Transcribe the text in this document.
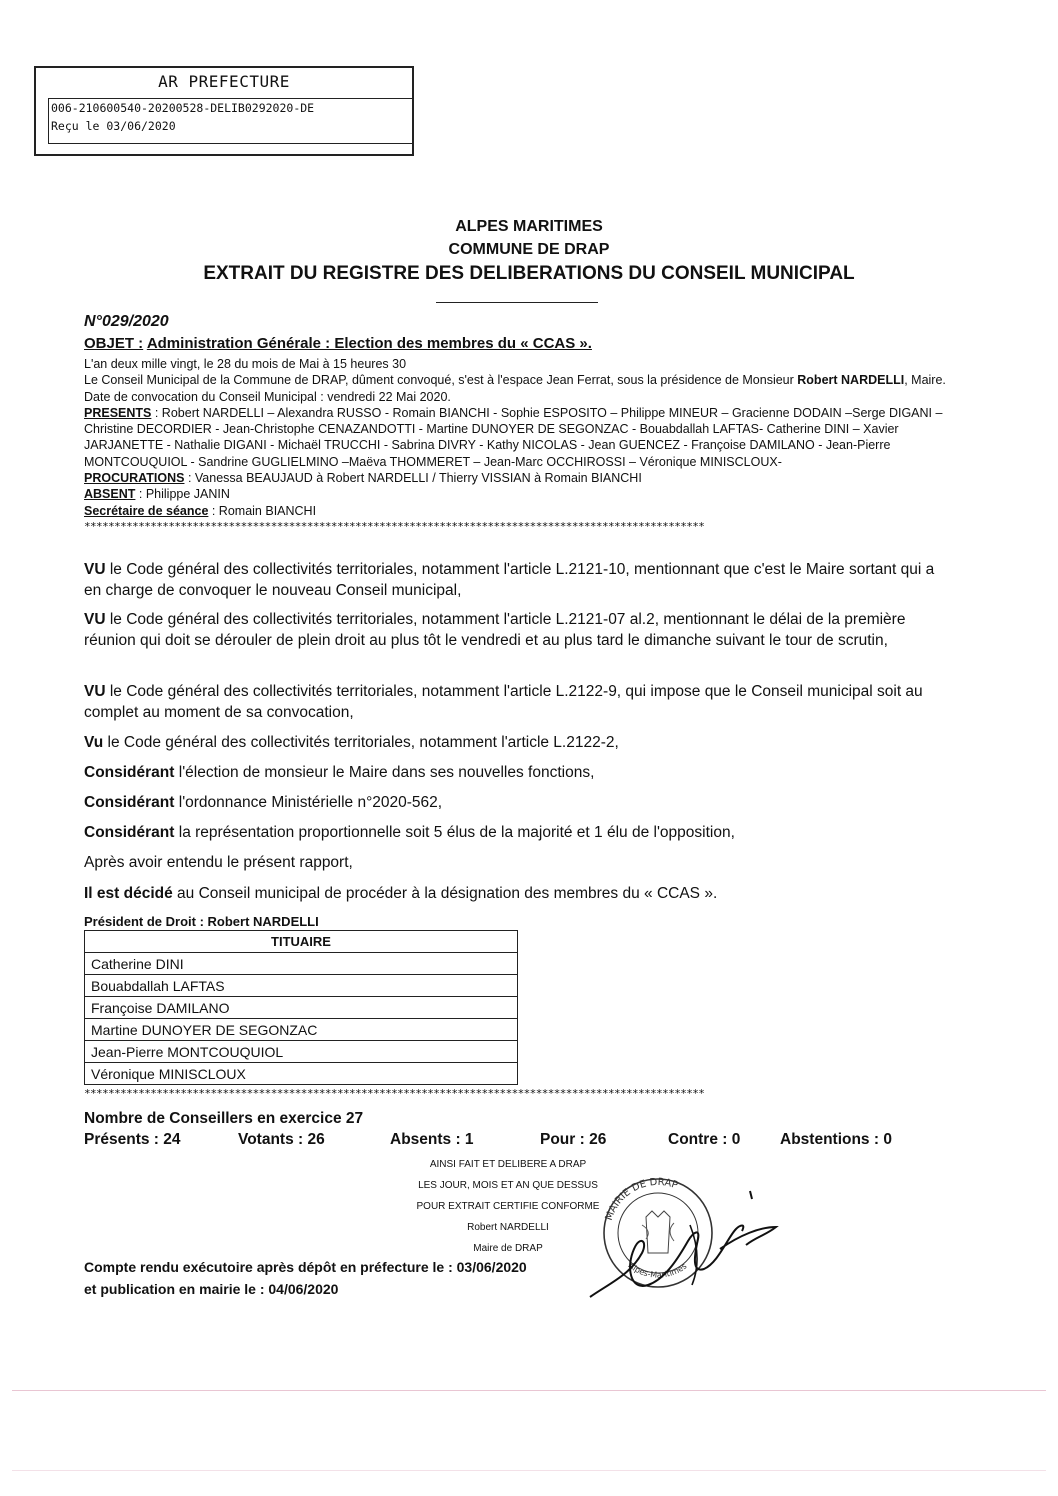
AR PREFECTURE
006-210600540-20200528-DELIB0292020-DE
Reçu le 03/06/2020
ALPES MARITIMES
COMMUNE DE DRAP
EXTRAIT DU REGISTRE DES DELIBERATIONS DU CONSEIL MUNICIPAL
N°029/2020
OBJET : Administration Générale : Election des membres du « CCAS ».

L'an deux mille vingt, le 28 du mois de Mai à 15 heures 30

Le Conseil Municipal de la Commune de DRAP, dûment convoqué, s'est à l'espace Jean Ferrat, sous la présidence de Monsieur Robert NARDELLI, Maire.

Date de convocation du Conseil Municipal : vendredi 22 Mai 2020.

PRESENTS : Robert NARDELLI – Alexandra RUSSO - Romain BIANCHI - Sophie ESPOSITO – Philippe MINEUR – Gracienne DODAIN –Serge DIGANI – Christine DECORDIER - Jean-Christophe CENAZANDOTTI - Martine DUNOYER DE SEGONZAC - Bouabdallah LAFTAS- Catherine DINI – Xavier JARJANETTE - Nathalie DIGANI - Michaël TRUCCHI - Sabrina DIVRY - Kathy NICOLAS - Jean GUENCEZ - Françoise DAMILANO - Jean-Pierre MONTCOUQUIOL - Sandrine GUGLIELMINO –Maëva THOMMERET – Jean-Marc OCCHIROSSI – Véronique MINISCLOUX-

PROCURATIONS : Vanessa BEAUJAUD à Robert NARDELLI / Thierry VISSIAN à Romain BIANCHI

ABSENT : Philippe JANIN

Secrétaire de séance : Romain BIANCHI

*******************************************************************************************************

VU le Code général des collectivités territoriales, notamment l'article L.2121-10, mentionnant que c'est le Maire sortant qui a en charge de convoquer le nouveau Conseil municipal,

VU le Code général des collectivités territoriales, notamment l'article L.2121-07 al.2, mentionnant le délai de la première réunion qui doit se dérouler de plein droit au plus tôt le vendredi et au plus tard le dimanche suivant le tour de scrutin,

VU le Code général des collectivités territoriales, notamment l'article L.2122-9, qui impose que le Conseil municipal soit au complet au moment de sa convocation,

Vu le Code général des collectivités territoriales, notamment l'article L.2122-2,

Considérant l'élection de monsieur le Maire dans ses nouvelles fonctions,

Considérant l'ordonnance Ministérielle n°2020-562,

Considérant la représentation proportionnelle soit 5 élus de la majorité et 1 élu de l'opposition,

Après avoir entendu le présent rapport,

Il est décidé au Conseil municipal de procéder à la désignation des membres du « CCAS ».

Président de Droit : Robert NARDELLI
TITUAIRE
Catherine DINI
Bouabdallah LAFTAS
Françoise DAMILANO
Martine DUNOYER DE SEGONZAC
Jean-Pierre MONTCOUQUIOL
Véronique MINISCLOUX
*******************************************************************************************************
Nombre de Conseillers en exercice 27
Présents : 24	Votants : 26	Absents : 1	Pour : 26	Contre : 0	Abstentions : 0
AINSI FAIT ET DELIBERE A DRAP
LES JOUR, MOIS ET AN QUE DESSUS
POUR EXTRAIT CERTIFIE CONFORME
Robert NARDELLI
Maire de DRAP
MAIRIE DE DRAP
Alpes-Maritimes
Compte rendu exécutoire après dépôt en préfecture le : 03/06/2020
et publication en mairie le : 04/06/2020
